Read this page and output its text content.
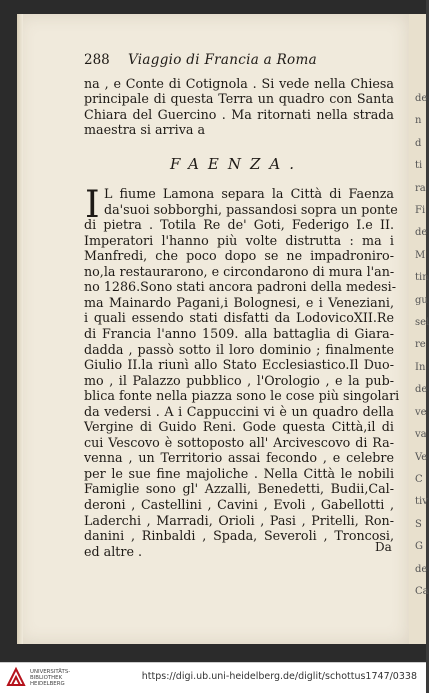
de
n
d
ti
ra
Fi
de
M
tin
gu
sei
re
In
de
ve
va
Ve
C
tiv
S
G
de
Ca
288 Viaggio di Francia a Roma
na , e Conte di Cotignola . Si vede nella Chiesa
principale di questa Terra un quadro con Santa
Chiara del Guercino . Ma ritornati nella strada
maestra si arriva a
FAENZA.
I L fiume Lamona separa la Città di Faenza
da'suoi sobborghi, passandosi sopra un ponte
di pietra . Totila Re de' Goti, Federigo I.e II.
Imperatori l'hanno più volte distrutta : ma i
Manfredi, che poco dopo se ne impadroniro-
no,la restaurarono, e circondarono di mura l'an-
no 1286.Sono stati ancora padroni della medesi-
ma Mainardo Pagani,i Bolognesi, e i Veneziani,
i quali essendo stati disfatti da LodovicoXII.Re
di Francia l'anno 1509. alla battaglia di Giara-
dadda , passò sotto il loro dominio ; finalmente
Giulio II.la riunì allo Stato Ecclesiastico.Il Duo-
mo , il Palazzo pubblico , l'Orologio , e la pub-
blica fonte nella piazza sono le cose più singolari
da vedersi . A i Cappuccini vi è un quadro della
Vergine di Guido Reni. Gode questa Città,il di
cui Vescovo è sottoposto all' Arcivescovo di Ra-
venna , un Territorio assai fecondo , e celebre
per le sue fine majoliche . Nella Città le nobili
Famiglie sono gl' Azzalli, Benedetti, Budii,Cal-
deroni , Castellini , Cavini , Evoli , Gabellotti ,
Laderchi , Marradi, Orioli , Pasi , Pritelli, Ron-
danini , Rinbaldi , Spada, Severoli , Troncosi,
ed altre .	Da
UNIVERSITÄTS-
BIBLIOTHEK
HEIDELBERG
https://digi.ub.uni-heidelberg.de/diglit/schottus1747/0338
